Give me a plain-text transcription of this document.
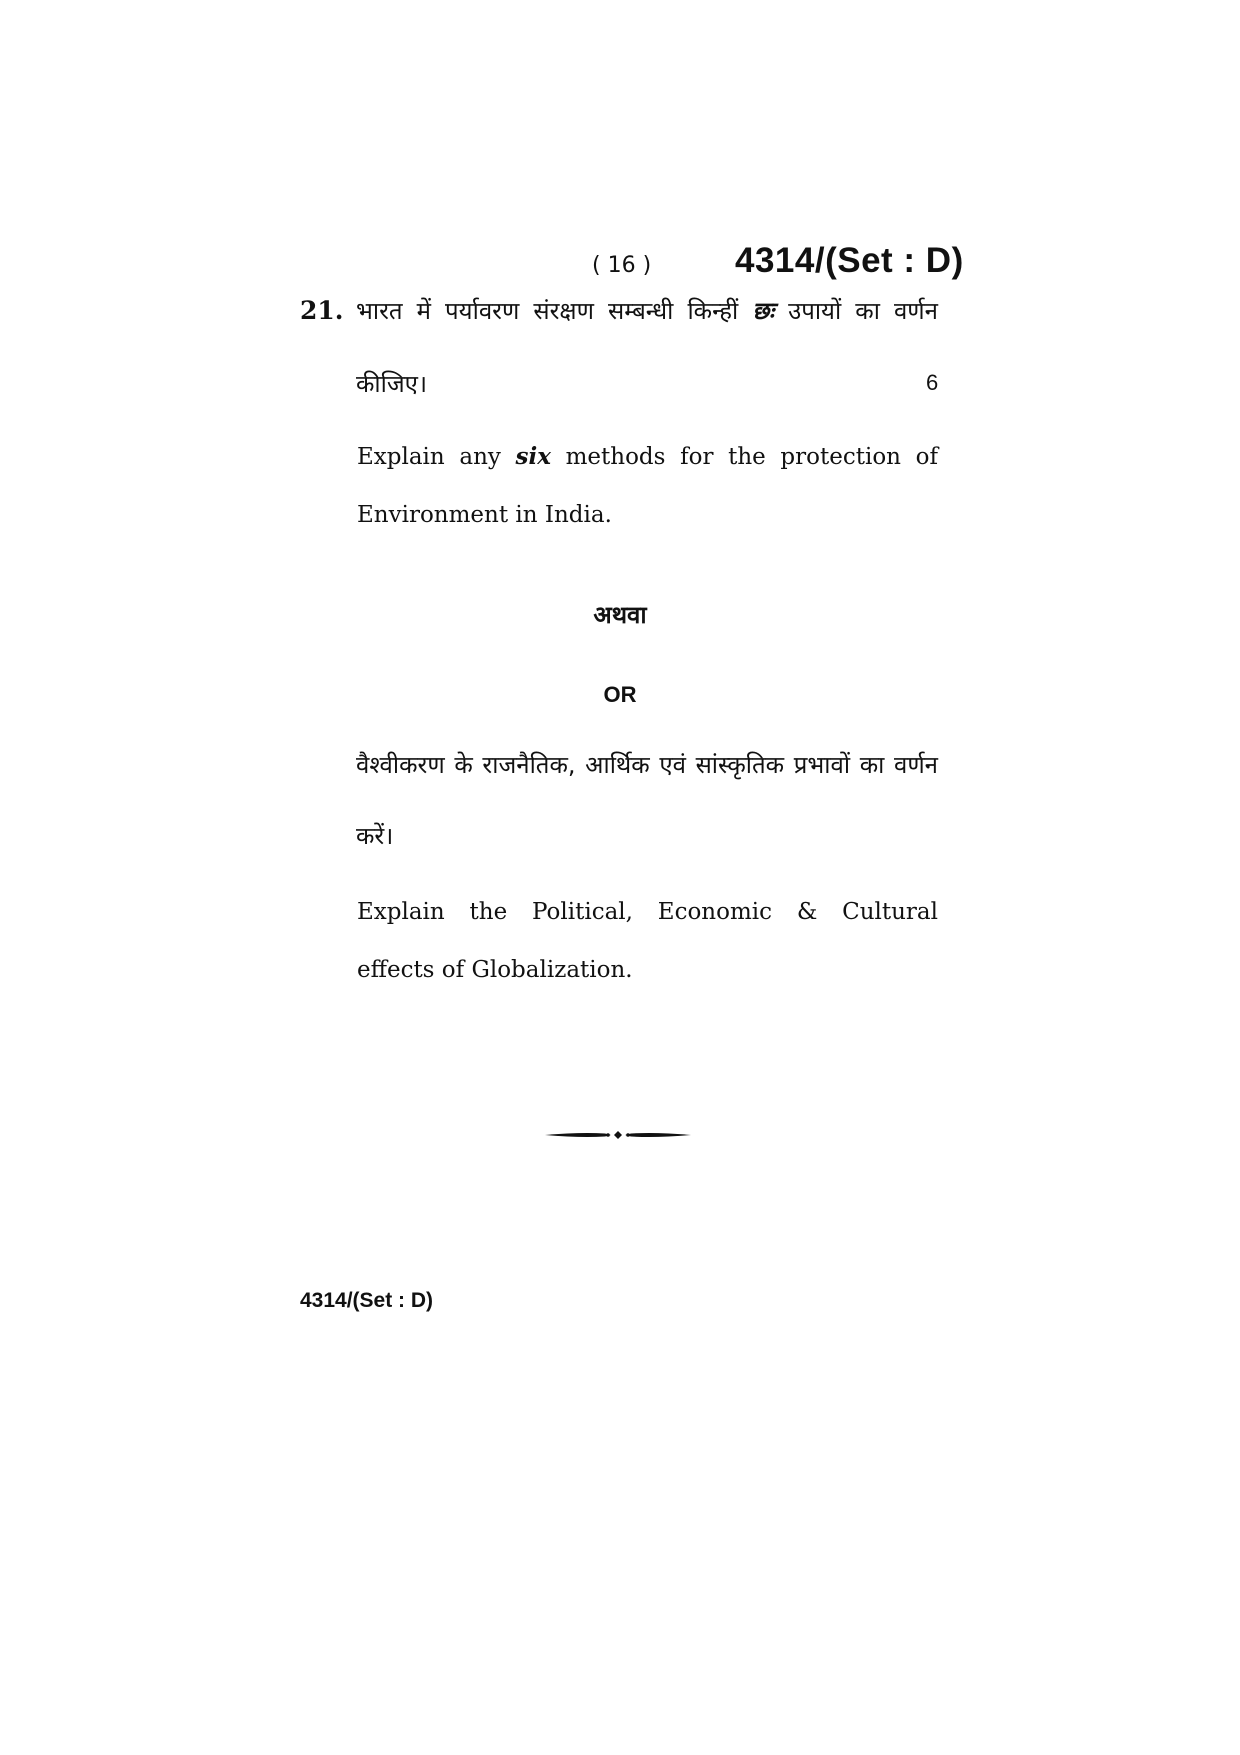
( 16 ) 4314/(Set : D)
21. भारत में पर्यावरण संरक्षण सम्बन्धी किन्हीं छः उपायों का वर्णन
कीजिए।	6
Explain any six methods for the protection of
Environment in India.
अथवा
OR
वैश्वीकरण के राजनैतिक, आर्थिक एवं सांस्कृतिक प्रभावों का वर्णन
करें।
Explain the Political, Economic & Cultural
effects of Globalization.
4314/(Set : D)
